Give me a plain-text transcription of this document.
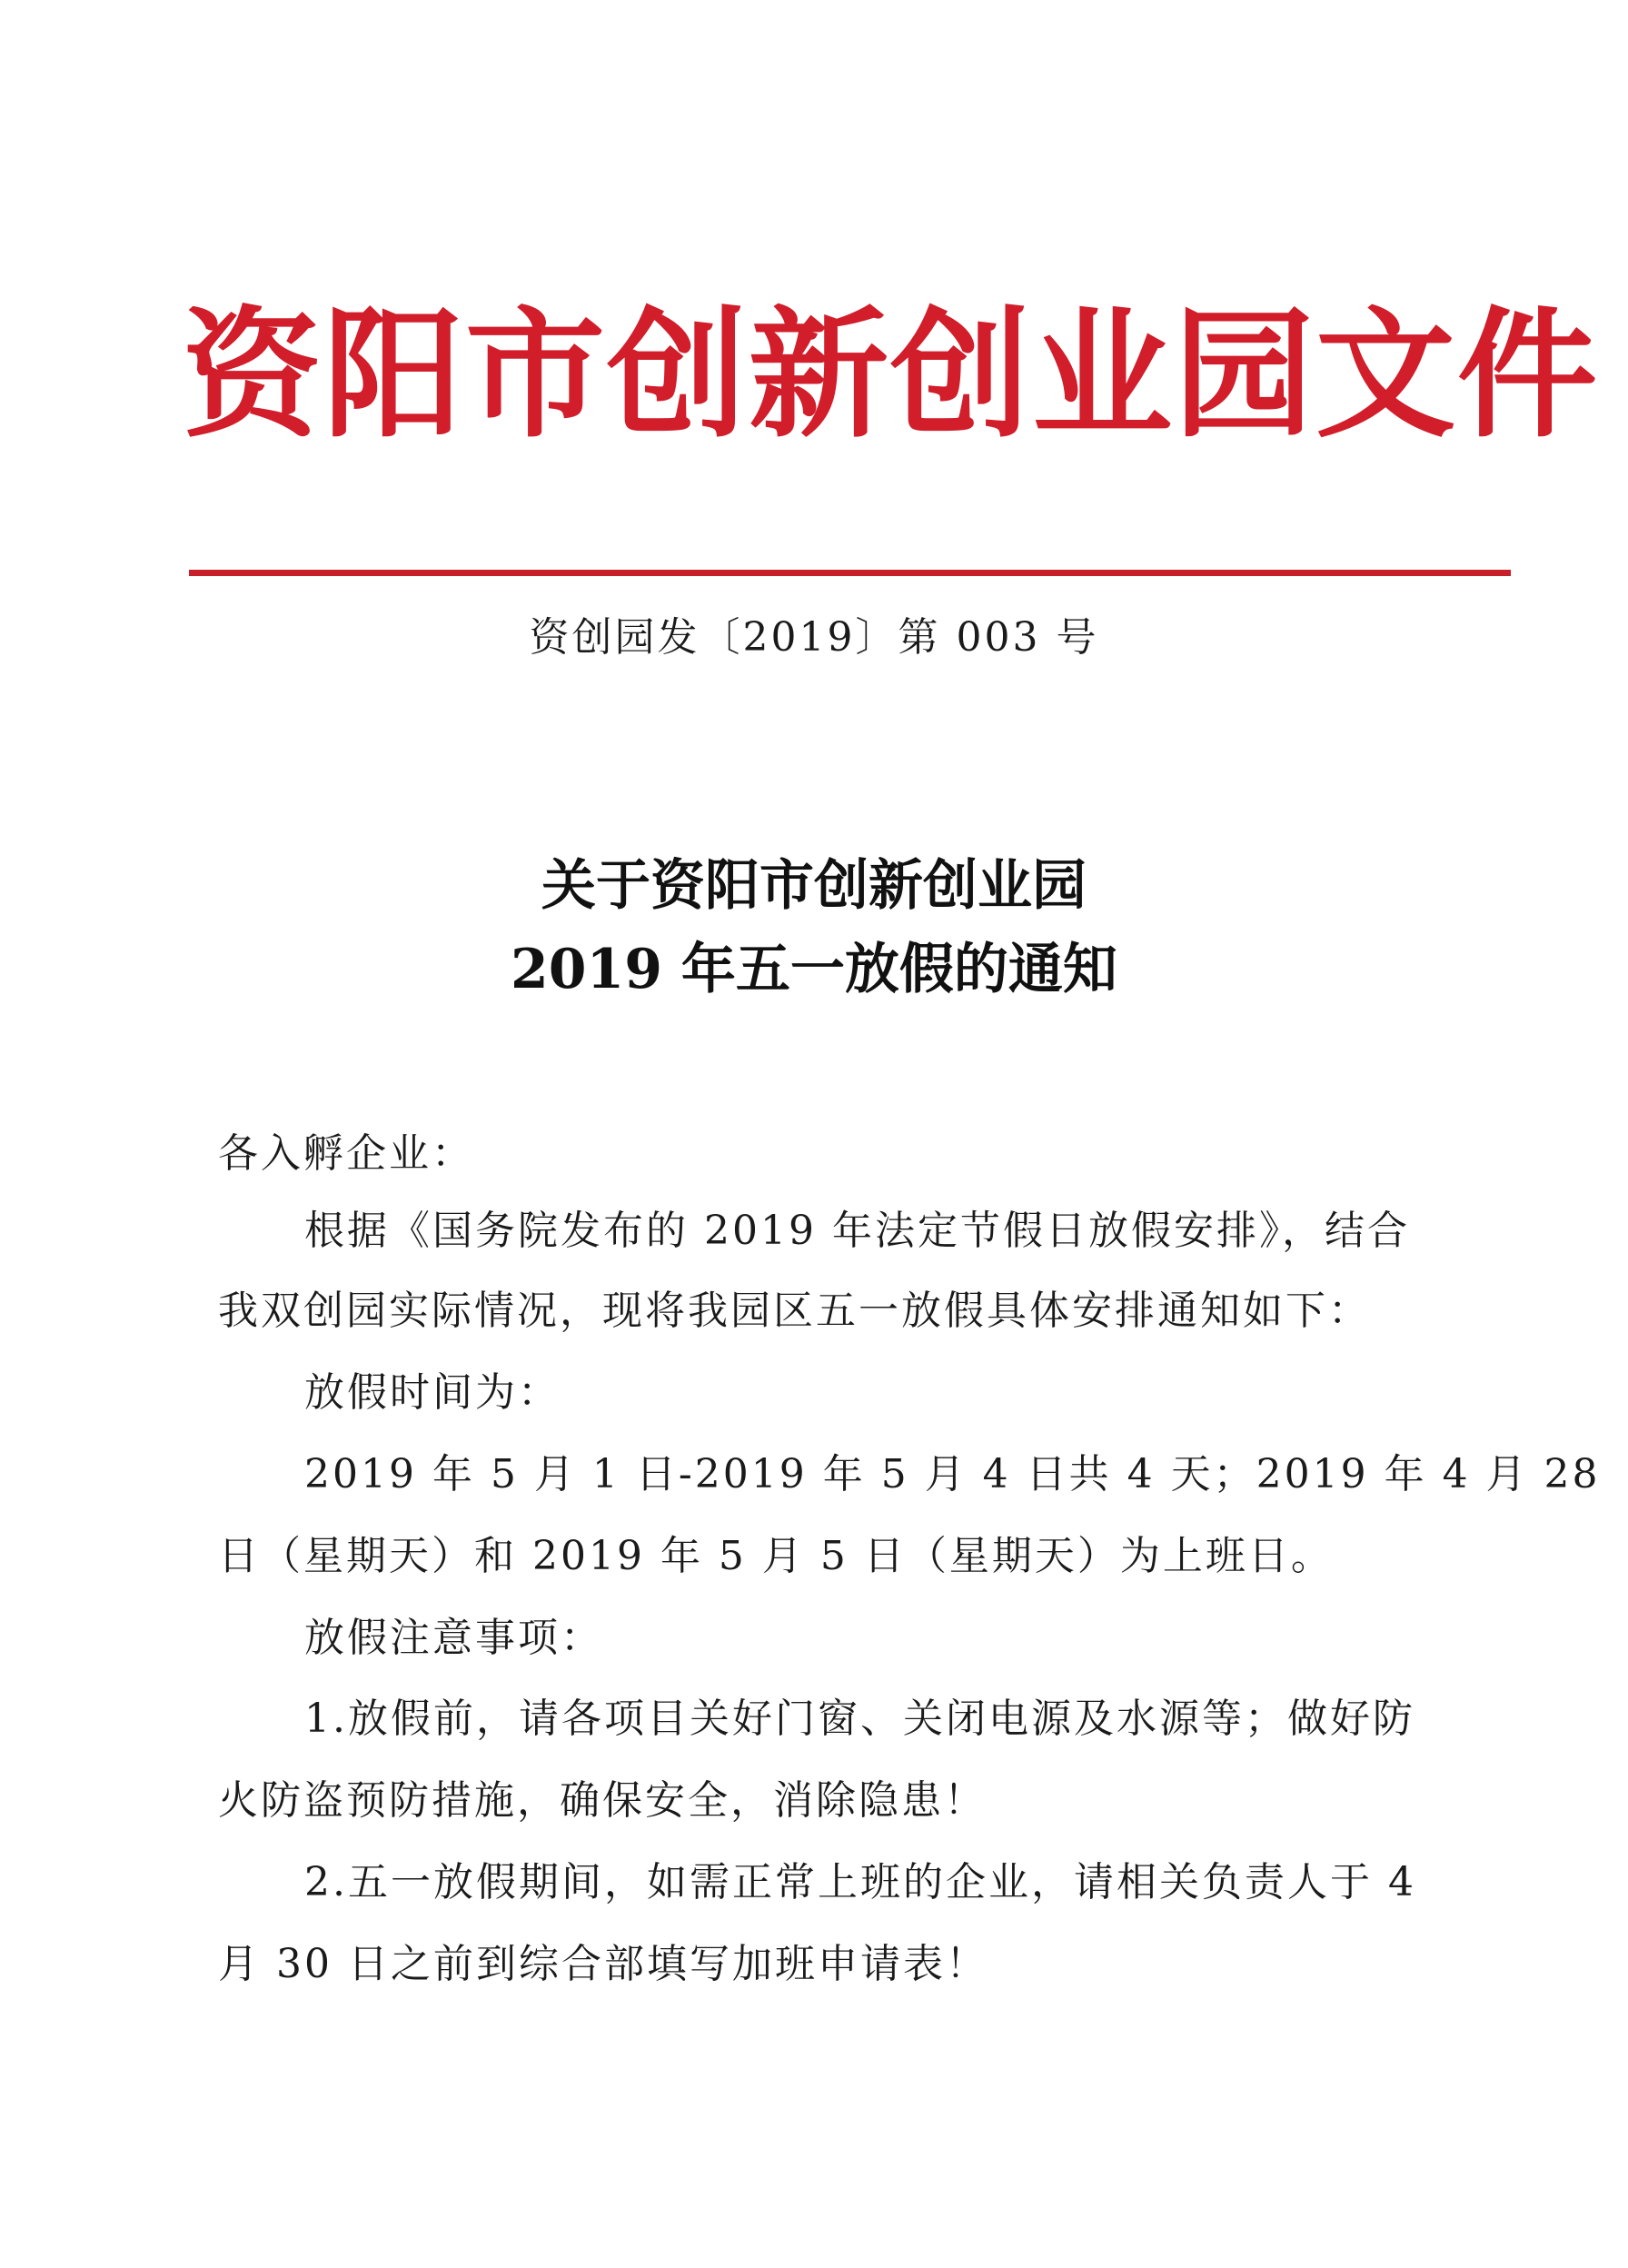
资阳市创新创业园文件
资创园发〔2019〕第 003 号
关于资阳市创新创业园
2019 年五一放假的通知
各入孵企业：
根据《国务院发布的 2019 年法定节假日放假安排》，结合
我双创园实际情况，现将我园区五一放假具体安排通知如下：
放假时间为：
2019 年 5 月 1 日-2019 年 5 月 4 日共 4 天；2019 年 4 月 28
日（星期天）和 2019 年 5 月 5 日（星期天）为上班日。
放假注意事项：
1.放假前，请各项目关好门窗、关闭电源及水源等；做好防
火防盗预防措施，确保安全，消除隐患！
2.五一放假期间，如需正常上班的企业，请相关负责人于 4
月 30 日之前到综合部填写加班申请表！
